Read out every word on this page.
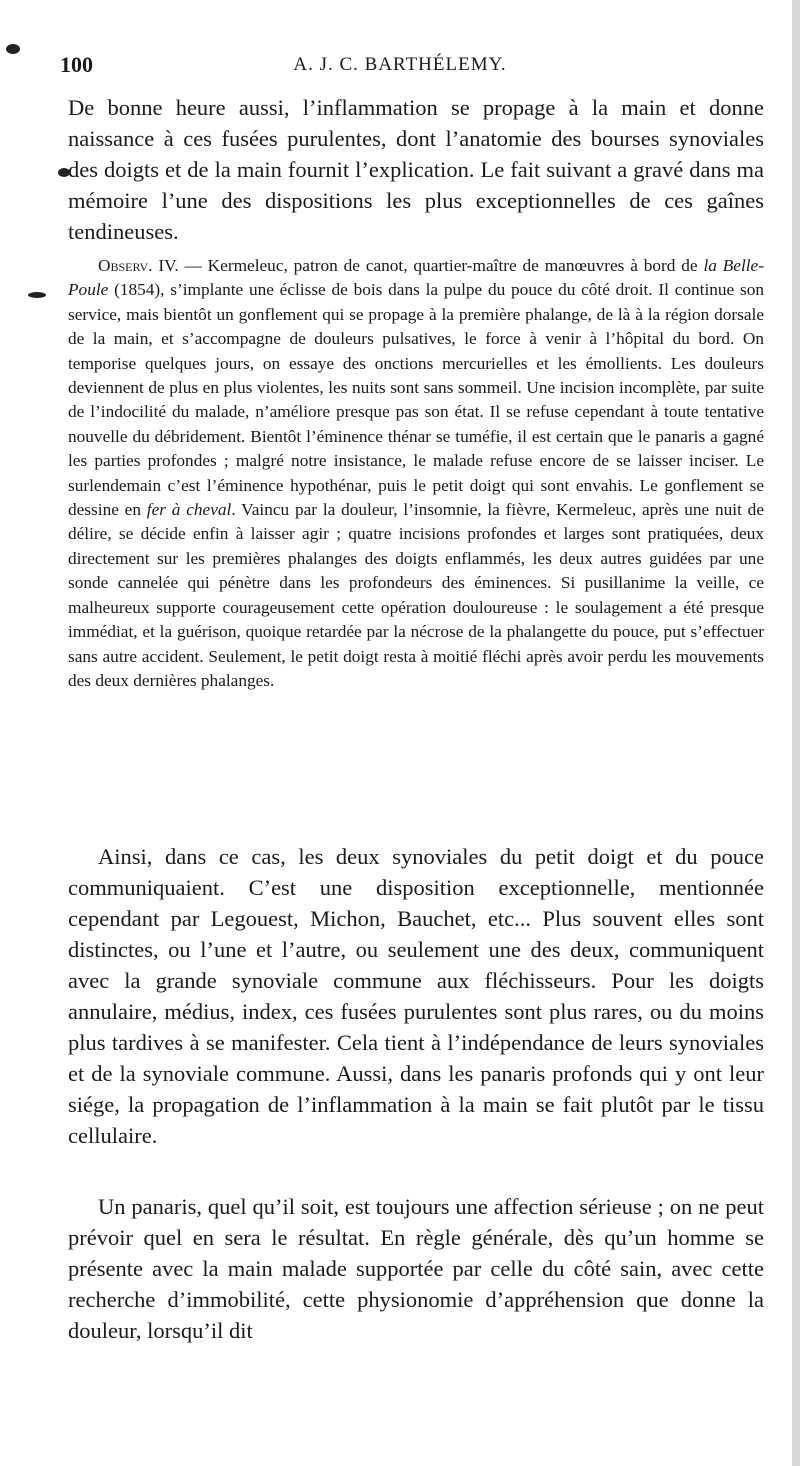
100	A. J. C. BARTHÉLEMY.

De bonne heure aussi, l’inflammation se propage à la main et donne naissance à ces fusées purulentes, dont l’anatomie des bourses synoviales des doigts et de la main fournit l’explication. Le fait suivant a gravé dans ma mémoire l’une des dispositions les plus exceptionnelles de ces gaînes tendineuses.

Observ. IV. — Kermeleuc, patron de canot, quartier-maître de manœuvres à bord de la Belle-Poule (1854), s’implante une éclisse de bois dans la pulpe du pouce du côté droit. Il continue son service, mais bientôt un gonflement qui se propage à la première phalange, de là à la région dorsale de la main, et s’accompagne de douleurs pulsatives, le force à venir à l’hôpital du bord. On temporise quelques jours, on essaye des onctions mercurielles et les émollients. Les douleurs deviennent de plus en plus violentes, les nuits sont sans sommeil. Une incision incomplète, par suite de l’indocilité du malade, n’améliore presque pas son état. Il se refuse cependant à toute tentative nouvelle du débridement. Bientôt l’éminence thénar se tuméfie, il est certain que le panaris a gagné les parties profondes ; malgré notre insistance, le malade refuse encore de se laisser inciser. Le surlendemain c’est l’éminence hypothénar, puis le petit doigt qui sont envahis. Le gonflement se dessine en fer à cheval. Vaincu par la douleur, l’insomnie, la fièvre, Kermeleuc, après une nuit de délire, se décide enfin à laisser agir ; quatre incisions profondes et larges sont pratiquées, deux directement sur les premières phalanges des doigts enflammés, les deux autres guidées par une sonde cannelée qui pénètre dans les profondeurs des éminences. Si pusillanime la veille, ce malheureux supporte courageusement cette opération douloureuse : le soulagement a été presque immédiat, et la guérison, quoique retardée par la nécrose de la phalangette du pouce, put s’effectuer sans autre accident. Seulement, le petit doigt resta à moitié fléchi après avoir perdu les mouvements des deux dernières phalanges.

Ainsi, dans ce cas, les deux synoviales du petit doigt et du pouce communiquaient. C’est une disposition exceptionnelle, mentionnée cependant par Legouest, Michon, Bauchet, etc... Plus souvent elles sont distinctes, ou l’une et l’autre, ou seulement une des deux, communiquent avec la grande synoviale commune aux fléchisseurs. Pour les doigts annulaire, médius, index, ces fusées purulentes sont plus rares, ou du moins plus tardives à se manifester. Cela tient à l’indépendance de leurs synoviales et de la synoviale commune. Aussi, dans les panaris profonds qui y ont leur siége, la propagation de l’inflammation à la main se fait plutôt par le tissu cellulaire.

Un panaris, quel qu’il soit, est toujours une affection sérieuse ; on ne peut prévoir quel en sera le résultat. En règle générale, dès qu’un homme se présente avec la main malade supportée par celle du côté sain, avec cette recherche d’immobilité, cette physionomie d’appréhension que donne la douleur, lorsqu’il dit
